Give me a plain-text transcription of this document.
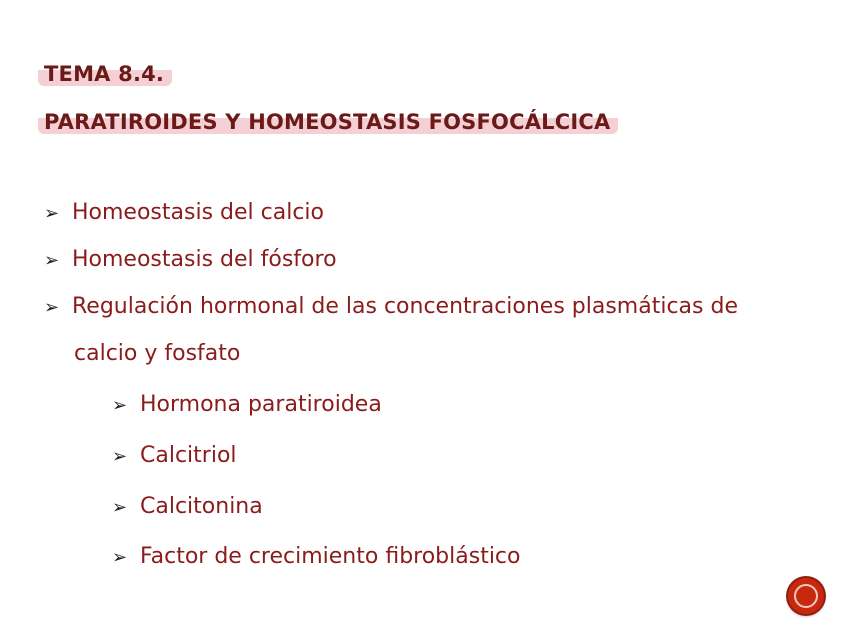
TEMA 8.4.
PARATIROIDES Y HOMEOSTASIS FOSFOCÁLCICA
➢ Homeostasis del calcio
➢ Homeostasis del fósforo
➢ Regulación hormonal de las concentraciones plasmáticas de
calcio y fosfato
➢ Hormona paratiroidea
➢ Calcitriol
➢ Calcitonina
➢ Factor de crecimiento fibroblástico
